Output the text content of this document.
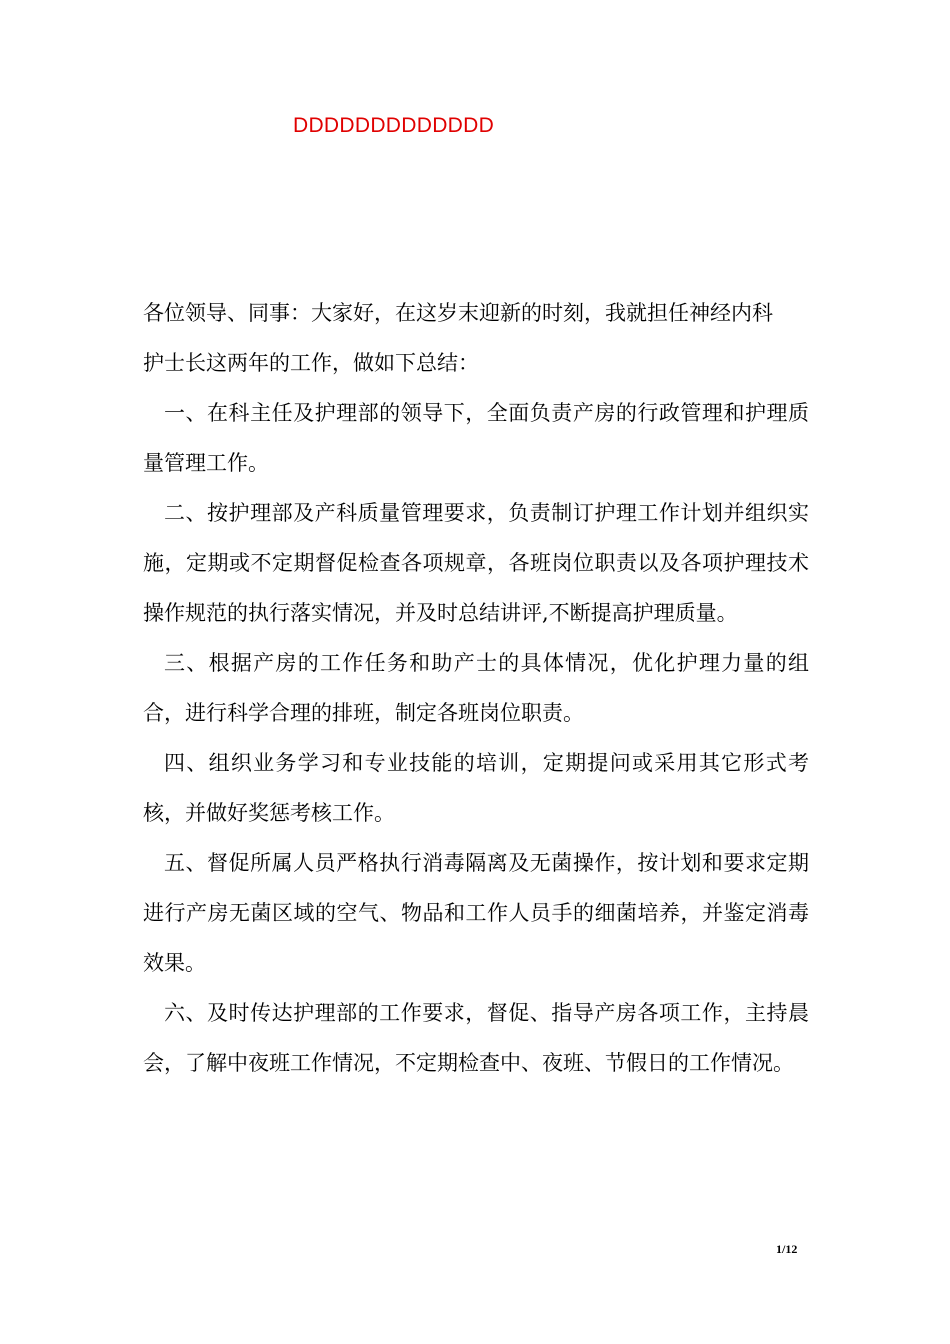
DDDDDDDDDDDDD

各位领导、同事：大家好，在这岁末迎新的时刻，我就担任神经内科护士长这两年的工作，做如下总结：

一、在科主任及护理部的领导下，全面负责产房的行政管理和护理质量管理工作。

二、按护理部及产科质量管理要求，负责制订护理工作计划并组织实施，定期或不定期督促检查各项规章，各班岗位职责以及各项护理技术操作规范的执行落实情况，并及时总结讲评,不断提高护理质量。

三、根据产房的工作任务和助产士的具体情况，优化护理力量的组合，进行科学合理的排班，制定各班岗位职责。

四、组织业务学习和专业技能的培训，定期提问或采用其它形式考核，并做好奖惩考核工作。

五、督促所属人员严格执行消毒隔离及无菌操作，按计划和要求定期进行产房无菌区域的空气、物品和工作人员手的细菌培养，并鉴定消毒效果。

六、及时传达护理部的工作要求，督促、指导产房各项工作，主持晨会，了解中夜班工作情况，不定期检查中、夜班、节假日的工作情况。

1/12
